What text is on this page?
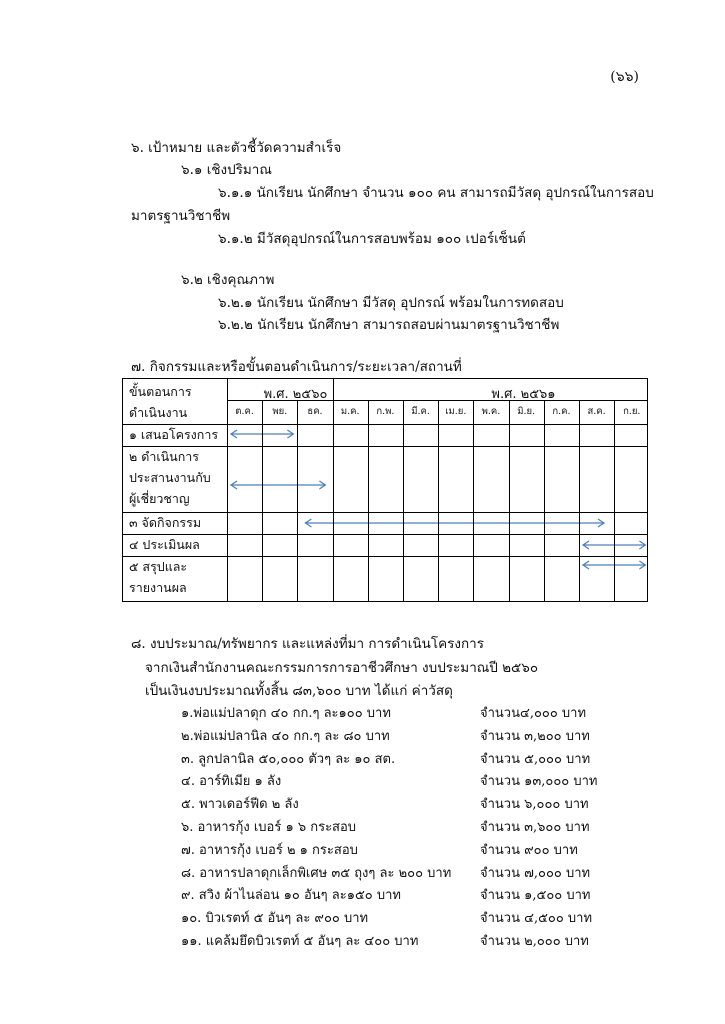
(๖๖)
๖. เป้าหมาย และตัวชี้วัดความสำเร็จ
๖.๑ เชิงปริมาณ
๖.๑.๑ นักเรียน นักศึกษา จำนวน ๑๐๐ คน สามารถมีวัสดุ อุปกรณ์ในการสอบ
มาตรฐานวิชาชีพ
๖.๑.๒ มีวัสดุอุปกรณ์ในการสอบพร้อม ๑๐๐ เปอร์เซ็นต์
๖.๒ เชิงคุณภาพ
๖.๒.๑ นักเรียน นักศึกษา มีวัสดุ อุปกรณ์ พร้อมในการทดสอบ
๖.๒.๒ นักเรียน นักศึกษา สามารถสอบผ่านมาตรฐานวิชาชีพ
๗. กิจกรรมและหรือขั้นตอนดำเนินการ/ระยะเวลา/สถานที่
ขั้นตอนการ
ดำเนินงาน
พ.ศ. ๒๕๖๐	พ.ศ. ๒๕๖๑
ต.ค.	พย.	ธค.	ม.ค.	ก.พ.	มี.ค.	เม.ย.	พ.ค.	มิ.ย.	ก.ค.	ส.ค.	ก.ย.
๑ เสนอโครงการ
๒ ดำเนินการ
ประสานงานกับ
ผู้เชี่ยวชาญ
๓ จัดกิจกรรม
๔ ประเมินผล
๕ สรุปและ
รายงานผล
๘. งบประมาณ/ทรัพยากร และแหล่งที่มา การดำเนินโครงการ
จากเงินสำนักงานคณะกรรมการการอาชีวศึกษา งบประมาณปี ๒๕๖๐
เป็นเงินงบประมาณทั้งสิ้น ๘๓,๖๐๐ บาท ได้แก่ ค่าวัสดุ
๑.พ่อแม่ปลาดุก ๔๐ กก.ๆ ละ๑๐๐ บาท	จำนวน๔,๐๐๐ บาท
๒.พ่อแม่ปลานิล ๔๐ กก.ๆ ละ ๘๐ บาท	จำนวน ๓,๒๐๐ บาท
๓. ลูกปลานิล ๕๐,๐๐๐ ตัวๆ ละ ๑๐ สต.	จำนวน ๕,๐๐๐ บาท
๔. อาร์ทิเมีย ๑ ลัง	จำนวน ๑๓,๐๐๐ บาท
๕. พาวเดอร์ฟีด ๒ ลัง	จำนวน ๖,๐๐๐ บาท
๖. อาหารกุ้ง เบอร์ ๑ ๖ กระสอบ	จำนวน ๓,๖๐๐ บาท
๗. อาหารกุ้ง เบอร์ ๒ ๑ กระสอบ	จำนวน ๙๐๐ บาท
๘. อาหารปลาดุกเล็กพิเศษ ๓๕ ถุงๆ ละ ๒๐๐ บาท จำนวน ๗,๐๐๐ บาท
๙. สวิง ผ้าไนล่อน ๑๐ อันๆ ละ๑๕๐ บาท	จำนวน ๑,๕๐๐ บาท
๑๐. บิวเรตท์ ๕ อันๆ ละ ๙๐๐ บาท	จำนวน ๔,๕๐๐ บาท
๑๑. แคล้มยึดบิวเรตท์ ๕ อันๆ ละ ๔๐๐ บาท	จำนวน ๒,๐๐๐ บาท
